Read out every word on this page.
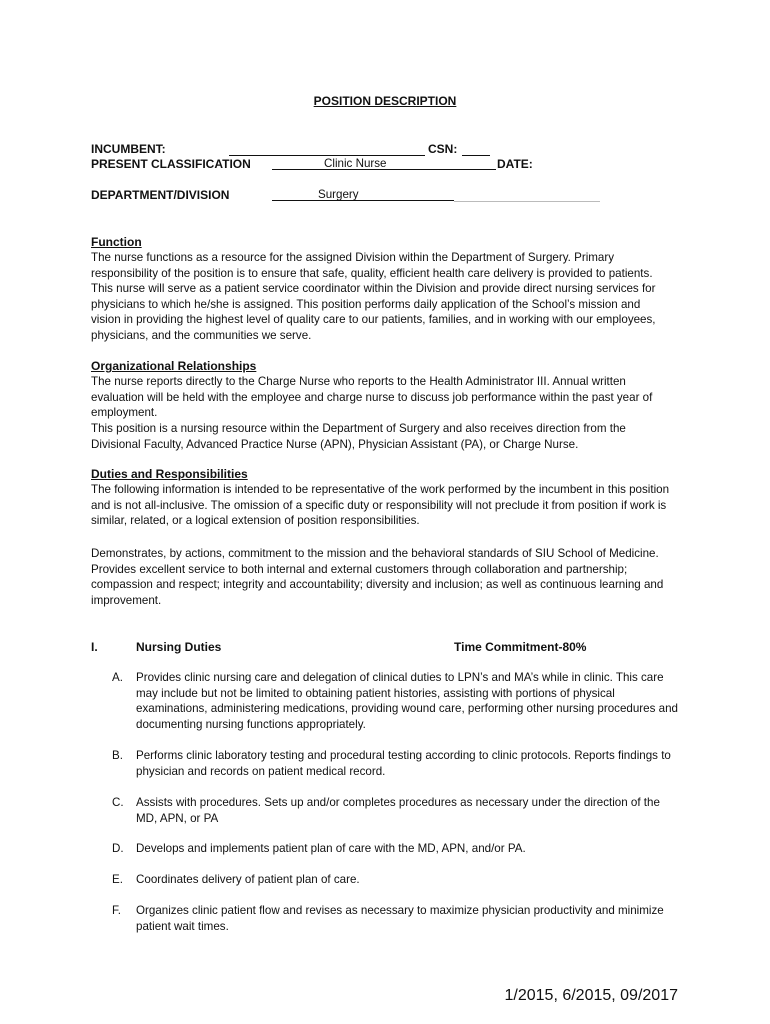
POSITION DESCRIPTION
INCUMBENT:	CSN:
PRESENT CLASSIFICATION	Clinic Nurse	DATE:
DEPARTMENT/DIVISION	Surgery
Function

The nurse functions as a resource for the assigned Division within the Department of Surgery. Primary responsibility of the position is to ensure that safe, quality, efficient health care delivery is provided to patients. This nurse will serve as a patient service coordinator within the Division and provide direct nursing services for physicians to which he/she is assigned. This position performs daily application of the School’s mission and vision in providing the highest level of quality care to our patients, families, and in working with our employees, physicians, and the communities we serve.

Organizational Relationships

The nurse reports directly to the Charge Nurse who reports to the Health Administrator III. Annual written evaluation will be held with the employee and charge nurse to discuss job performance within the past year of employment.

This position is a nursing resource within the Department of Surgery and also receives direction from the Divisional Faculty, Advanced Practice Nurse (APN), Physician Assistant (PA), or Charge Nurse.

Duties and Responsibilities

The following information is intended to be representative of the work performed by the incumbent in this position and is not all-inclusive. The omission of a specific duty or responsibility will not preclude it from position if work is similar, related, or a logical extension of position responsibilities.

Demonstrates, by actions, commitment to the mission and the behavioral standards of SIU School of Medicine. Provides excellent service to both internal and external customers through collaboration and partnership; compassion and respect; integrity and accountability; diversity and inclusion; as well as continuous learning and improvement.

I.	Nursing Duties	Time Commitment-80%
A. Provides clinic nursing care and delegation of clinical duties to LPN’s and MA’s while in clinic. This care may include but not be limited to obtaining patient histories, assisting with portions of physical examinations, administering medications, providing wound care, performing other nursing procedures and documenting nursing functions appropriately.
B. Performs clinic laboratory testing and procedural testing according to clinic protocols. Reports findings to physician and records on patient medical record.
C. Assists with procedures. Sets up and/or completes procedures as necessary under the direction of the MD, APN, or PA
D. Develops and implements patient plan of care with the MD, APN, and/or PA.
E. Coordinates delivery of patient plan of care.
F. Organizes clinic patient flow and revises as necessary to maximize physician productivity and minimize patient wait times.
1/2015, 6/2015, 09/2017
